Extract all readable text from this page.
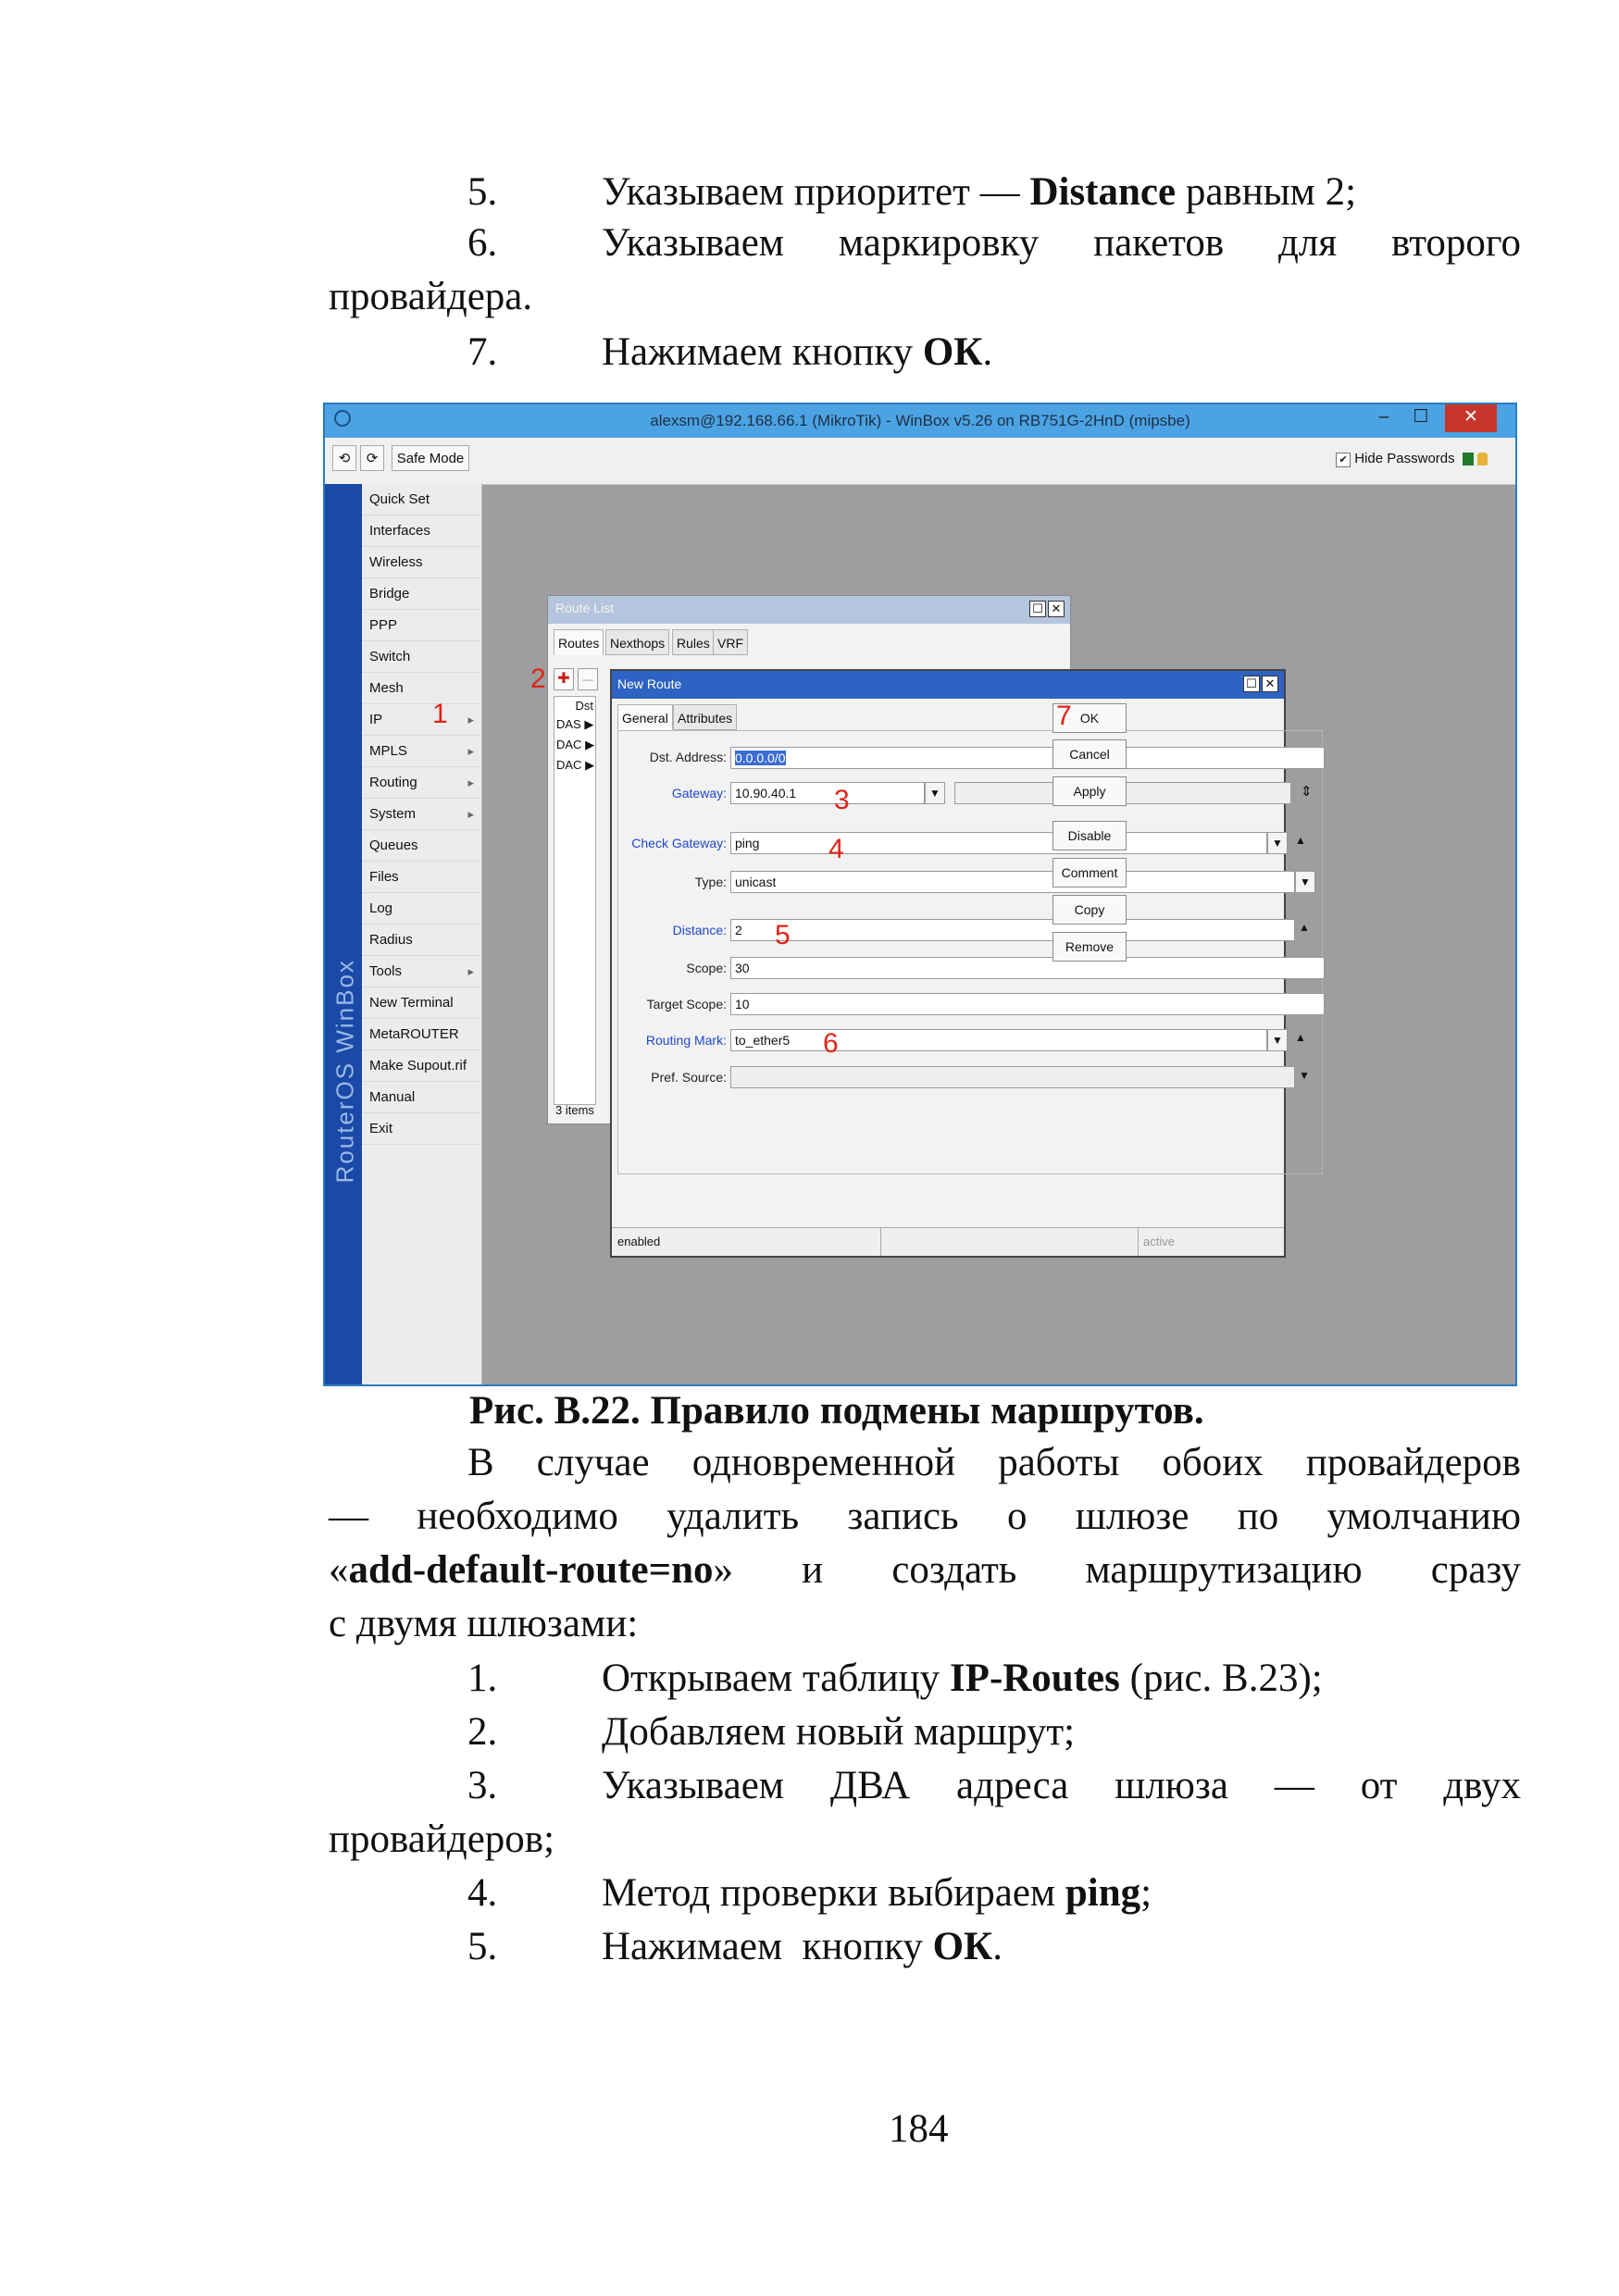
5.	Указываем приоритет — Distance равным 2;
6.	Указываем маркировку пакетов для второго
провайдера.
7.	Нажимаем кнопку ОК.
alexsm@192.168.66.1 (MikroTik) - WinBox v5.26 on RB751G-2HnD (mipsbe)	–	☐	✕
⟲	⟳	Safe Mode	✔ Hide Passwords
RouterOS WinBox
Quick Set
Interfaces
Wireless
Bridge
PPP
Switch
Mesh
IP	▸
MPLS	▸
Routing	▸
System	▸
Queues
Files
Log
Radius
Tools	▸
New Terminal
MetaROUTER
Make Supout.rif
Manual
Exit
Route List	☐ ✕
Routes Nexthops Rules VRF
✚	—
Dst
DAS ▶
DAC ▶
DAC ▶
3 items
New Route	☐ ✕
General Attributes
Dst. Address: 0.0.0.0/0
Gateway: 10.90.40.1	▼	⇕
Check Gateway: ping	▼	▲
Type: unicast	▼
Distance: 2	▲
Scope: 30
Target Scope: 10
Routing Mark: to_ether5	▼	▲
Pref. Source:	▼
enabled	active
OK
Cancel
Apply
Disable
Comment
Copy
Remove
1
2
3
4
5
6
7
Рис. В.22. Правило подмены маршрутов.
В случае одновременной работы обоих провайдеров
— необходимо удалить запись о шлюзе по умолчанию
«add-default-route=no» и создать маршрутизацию сразу
с двумя шлюзами:
1.	Открываем таблицу IP-Routes (рис. В.23);
2.	Добавляем новый маршрут;
3.	Указываем ДВА адреса шлюза — от двух
провайдеров;
4.	Метод проверки выбираем ping;
5.	Нажимаем  кнопку ОК.
184
